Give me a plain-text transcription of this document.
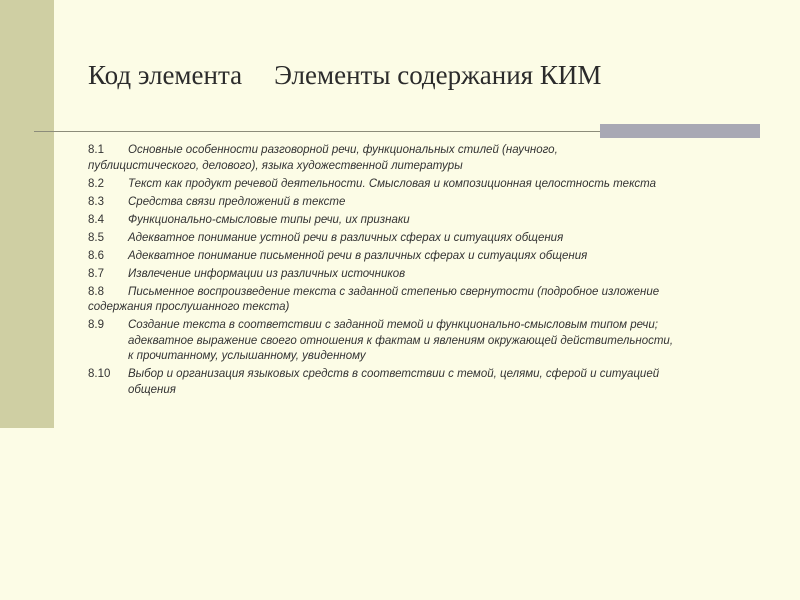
Код элемента Элементы содержания КИМ
8.1	Основные особенности разговорной речи, функциональных стилей (научного,
публицистического, делового), языка художественной литературы
8.2	Текст как продукт речевой деятельности. Смысловая и композиционная целостность текста
8.3	Средства связи предложений в тексте
8.4	Функционально-смысловые типы речи, их признаки
8.5	Адекватное понимание устной речи в различных сферах и ситуациях общения
8.6	Адекватное понимание письменной речи в различных сферах и ситуациях общения
8.7	Извлечение информации из различных источников
8.8	Письменное воспроизведение текста с заданной степенью свернутости (подробное изложение
содержания прослушанного текста)
8.9	Создание текста в соответствии с заданной темой и функционально-смысловым типом речи;
адекватное выражение своего отношения к фактам и явлениям окружающей действительности,
к прочитанному, услышанному, увиденному
8.10	Выбор и организация языковых средств в соответствии с темой, целями, сферой и ситуацией
общения
